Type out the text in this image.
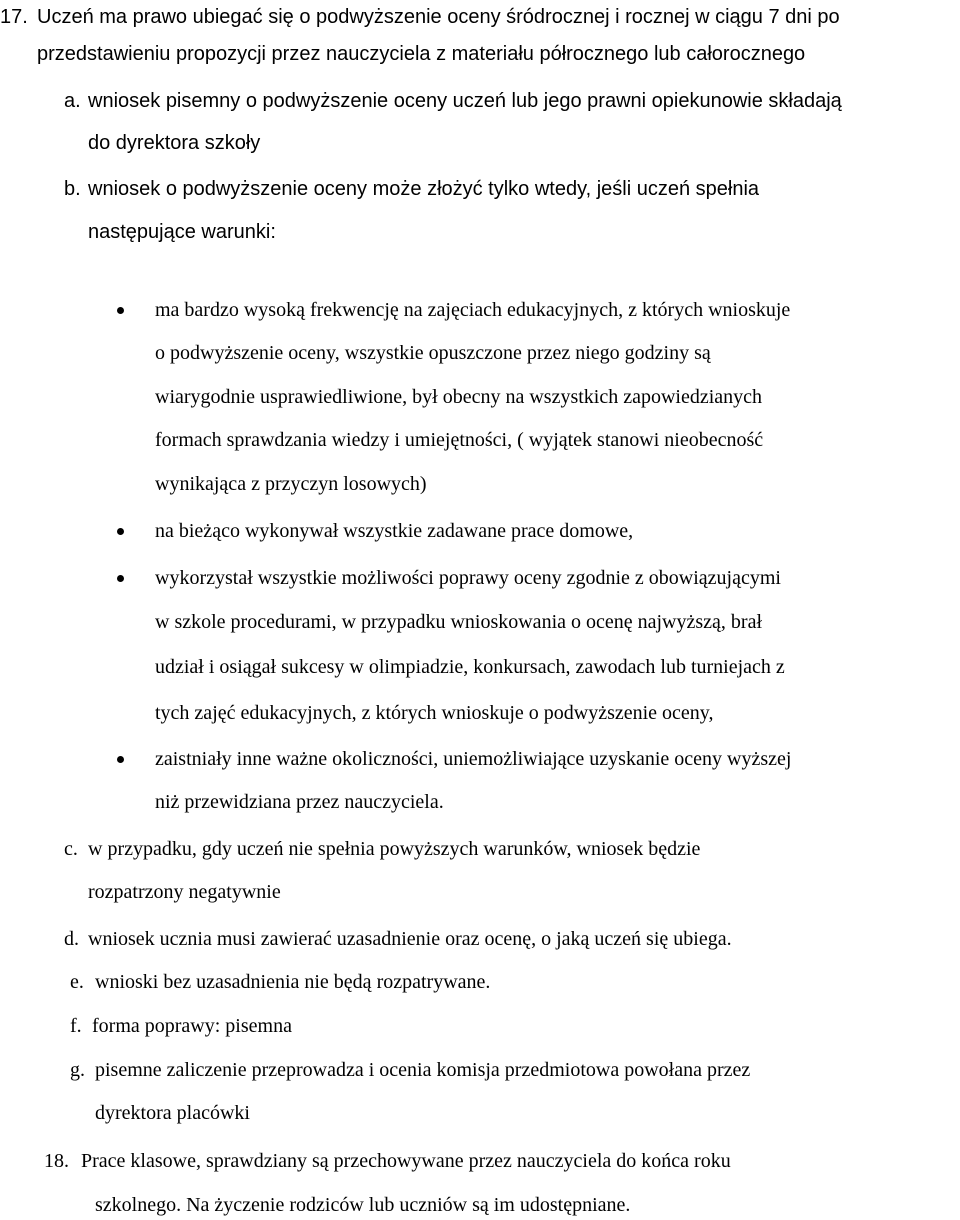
17. Uczeń ma prawo ubiegać się o podwyższenie oceny śródrocznej i rocznej w ciągu 7 dni po
przedstawieniu propozycji przez nauczyciela z materiału półrocznego lub całorocznego
a. wniosek pisemny o podwyższenie oceny uczeń lub jego prawni opiekunowie składają
do dyrektora szkoły
b. wniosek o podwyższenie oceny może złożyć tylko wtedy, jeśli uczeń spełnia
następujące warunki:
ma bardzo wysoką frekwencję na zajęciach edukacyjnych, z których wnioskuje
o podwyższenie oceny, wszystkie opuszczone przez niego godziny są
wiarygodnie usprawiedliwione, był obecny na wszystkich zapowiedzianych
formach sprawdzania wiedzy i umiejętności, ( wyjątek stanowi nieobecność
wynikająca z przyczyn losowych)
na bieżąco wykonywał wszystkie zadawane prace domowe,
wykorzystał wszystkie możliwości poprawy oceny zgodnie z obowiązującymi
w szkole procedurami, w przypadku wnioskowania o ocenę najwyższą, brał
udział i osiągał sukcesy w olimpiadzie, konkursach, zawodach lub turniejach z
tych zajęć edukacyjnych, z których wnioskuje o podwyższenie oceny,
zaistniały inne ważne okoliczności, uniemożliwiające uzyskanie oceny wyższej
niż przewidziana przez nauczyciela.
c. w przypadku, gdy uczeń nie spełnia powyższych warunków, wniosek będzie
rozpatrzony negatywnie
d. wniosek ucznia musi zawierać uzasadnienie oraz ocenę, o jaką uczeń się ubiega.
e. wnioski bez uzasadnienia nie będą rozpatrywane.
f. forma poprawy: pisemna
g. pisemne zaliczenie przeprowadza i ocenia komisja przedmiotowa powołana przez
dyrektora placówki
18. Prace klasowe, sprawdziany są przechowywane przez nauczyciela do końca roku
szkolnego. Na życzenie rodziców lub uczniów są im udostępniane.
